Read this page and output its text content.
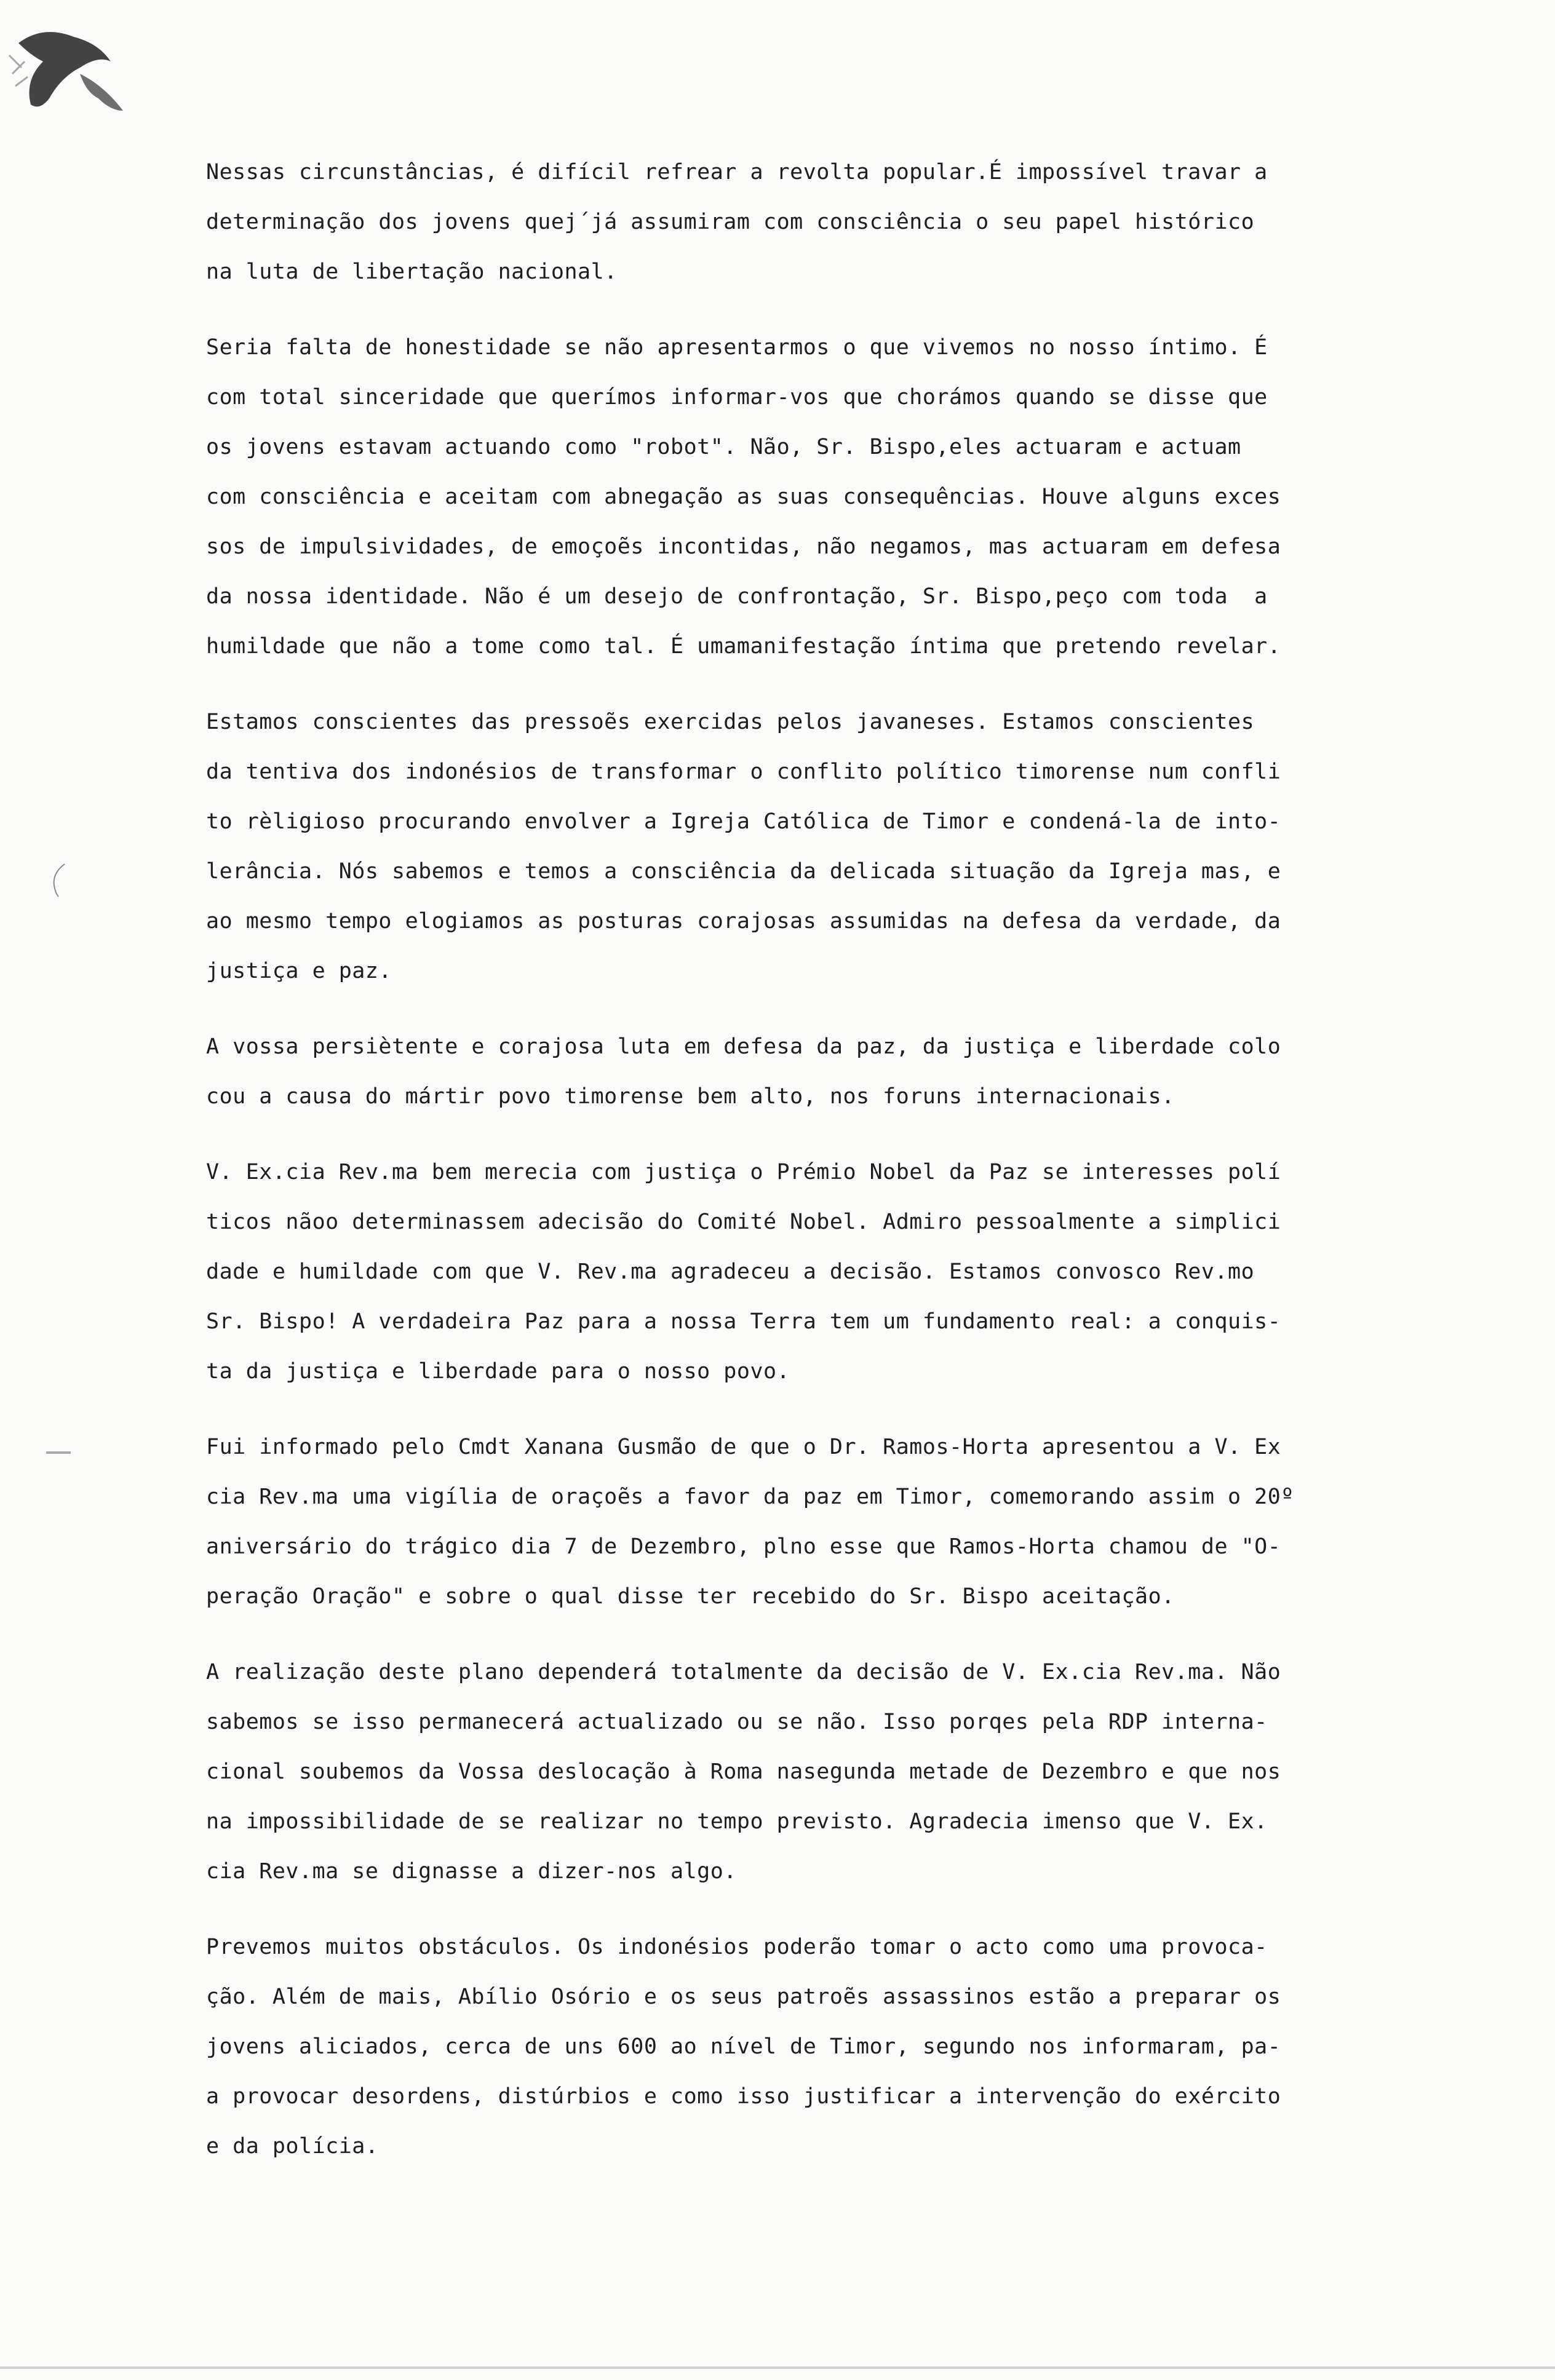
Nessas circunstâncias, é difícil refrear a revolta popular.É impossível travar a
determinação dos jovens quej´já assumiram com consciência o seu papel histórico
na luta de libertação nacional.
Seria falta de honestidade se não apresentarmos o que vivemos no nosso íntimo. É
com total sinceridade que querímos informar-vos que chorámos quando se disse que
os jovens estavam actuando como "robot". Não, Sr. Bispo,eles actuaram e actuam
com consciência e aceitam com abnegação as suas consequências. Houve alguns exces
sos de impulsividades, de emoçoẽs incontidas, não negamos, mas actuaram em defesa
da nossa identidade. Não é um desejo de confrontação, Sr. Bispo,peço com toda  a
humildade que não a tome como tal. É umamanifestação íntima que pretendo revelar.
Estamos conscientes das pressoẽs exercidas pelos javaneses. Estamos conscientes
da tentiva dos indonésios de transformar o conflito político timorense num confli
to rèligioso procurando envolver a Igreja Católica de Timor e condená-la de into-
lerância. Nós sabemos e temos a consciência da delicada situação da Igreja mas, e
ao mesmo tempo elogiamos as posturas corajosas assumidas na defesa da verdade, da
justiça e paz.
A vossa persiètente e corajosa luta em defesa da paz, da justiça e liberdade colo
cou a causa do mártir povo timorense bem alto, nos foruns internacionais.
V. Ex.cia Rev.ma bem merecia com justiça o Prémio Nobel da Paz se interesses polí
ticos nãoo determinassem adecisão do Comité Nobel. Admiro pessoalmente a simplici
dade e humildade com que V. Rev.ma agradeceu a decisão. Estamos convosco Rev.mo
Sr. Bispo! A verdadeira Paz para a nossa Terra tem um fundamento real: a conquis-
ta da justiça e liberdade para o nosso povo.
Fui informado pelo Cmdt Xanana Gusmão de que o Dr. Ramos-Horta apresentou a V. Ex
cia Rev.ma uma vigília de oraçoẽs a favor da paz em Timor, comemorando assim o 20º
aniversário do trágico dia 7 de Dezembro, plno esse que Ramos-Horta chamou de "O-
peração Oração" e sobre o qual disse ter recebido do Sr. Bispo aceitação.
A realização deste plano dependerá totalmente da decisão de V. Ex.cia Rev.ma. Não
sabemos se isso permanecerá actualizado ou se não. Isso porqes pela RDP interna-
cional soubemos da Vossa deslocação à Roma nasegunda metade de Dezembro e que nos
na impossibilidade de se realizar no tempo previsto. Agradecia imenso que V. Ex.
cia Rev.ma se dignasse a dizer-nos algo.
Prevemos muitos obstáculos. Os indonésios poderão tomar o acto como uma provoca-
ção. Além de mais, Abílio Osório e os seus patroẽs assassinos estão a preparar os
jovens aliciados, cerca de uns 600 ao nível de Timor, segundo nos informaram, pa-
a provocar desordens, distúrbios e como isso justificar a intervenção do exército
e da polícia.
